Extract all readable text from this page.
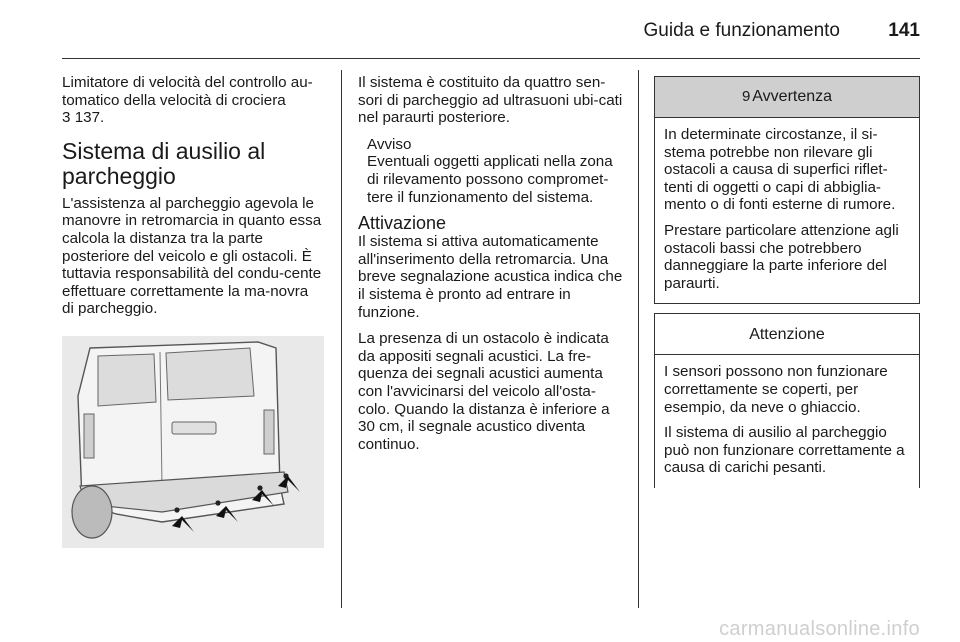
Guida e funzionamento	141

Limitatore di velocità del controllo au-
tomatico della velocità di crociera
3 137.

Sistema di ausilio al parcheggio

L'assistenza al parcheggio agevola le manovre in retromarcia in quanto essa calcola la distanza tra la parte posteriore del veicolo e gli ostacoli. È tuttavia responsabilità del condu-cente effettuare correttamente la ma-novra di parcheggio.

Il sistema è costituito da quattro sen-sori di parcheggio ad ultrasuoni ubi-cati nel paraurti posteriore.

Avviso

Eventuali oggetti applicati nella zona di rilevamento possono compromet-tere il funzionamento del sistema.

Attivazione

Il sistema si attiva automaticamente all'inserimento della retromarcia. Una breve segnalazione acustica indica che il sistema è pronto ad entrare in funzione.

La presenza di un ostacolo è indicata da appositi segnali acustici. La fre-quenza dei segnali acustici aumenta con l'avvicinarsi del veicolo all'osta-colo. Quando la distanza è inferiore a 30 cm, il segnale acustico diventa continuo.

9 Avvertenza

In determinate circostanze, il si-stema potrebbe non rilevare gli ostacoli a causa di superfici riflet-tenti di oggetti o capi di abbiglia-mento o di fonti esterne di rumore.

Prestare particolare attenzione agli ostacoli bassi che potrebbero danneggiare la parte inferiore del paraurti.

Attenzione

I sensori possono non funzionare correttamente se coperti, per esempio, da neve o ghiaccio.

Il sistema di ausilio al parcheggio può non funzionare correttamente a causa di carichi pesanti.

carmanualsonline.info
